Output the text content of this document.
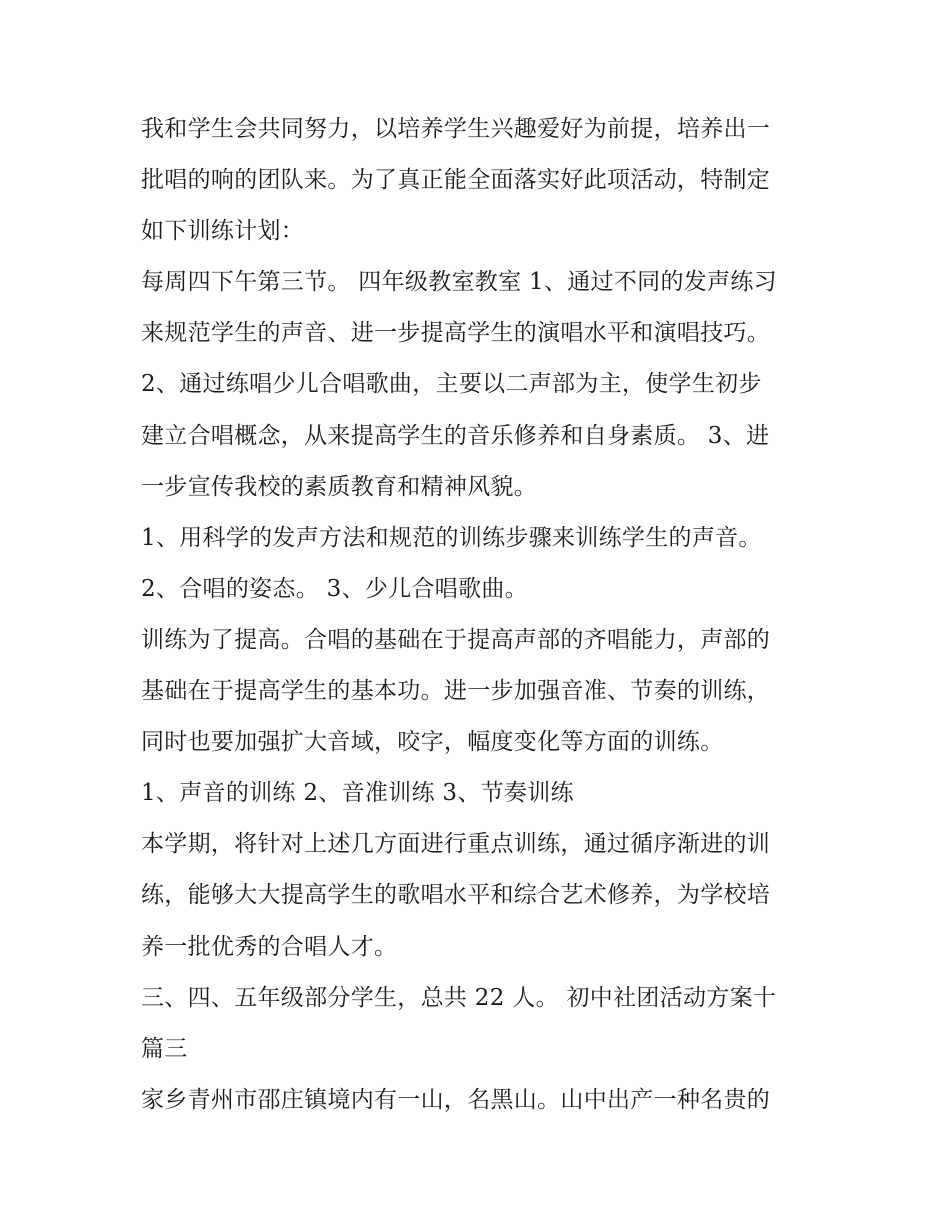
我和学生会共同努力，以培养学生兴趣爱好为前提，培养出一
批唱的响的团队来。为了真正能全面落实好此项活动，特制定
如下训练计划：
每周四下午第三节。 四年级教室教室 1、通过不同的发声练习
来规范学生的声音、进一步提高学生的演唱水平和演唱技巧。
2、通过练唱少儿合唱歌曲，主要以二声部为主，使学生初步
建立合唱概念，从来提高学生的音乐修养和自身素质。 3、进
一步宣传我校的素质教育和精神风貌。
1、用科学的发声方法和规范的训练步骤来训练学生的声音。
2、合唱的姿态。 3、少儿合唱歌曲。
训练为了提高。合唱的基础在于提高声部的齐唱能力，声部的
基础在于提高学生的基本功。进一步加强音准、节奏的训练，
同时也要加强扩大音域，咬字，幅度变化等方面的训练。
1、声音的训练 2、音准训练 3、节奏训练
本学期，将针对上述几方面进行重点训练，通过循序渐进的训
练，能够大大提高学生的歌唱水平和综合艺术修养，为学校培
养一批优秀的合唱人才。
三、四、五年级部分学生，总共 22 人。 初中社团活动方案十
篇三
家乡青州市邵庄镇境内有一山，名黑山。山中出产一种名贵的
